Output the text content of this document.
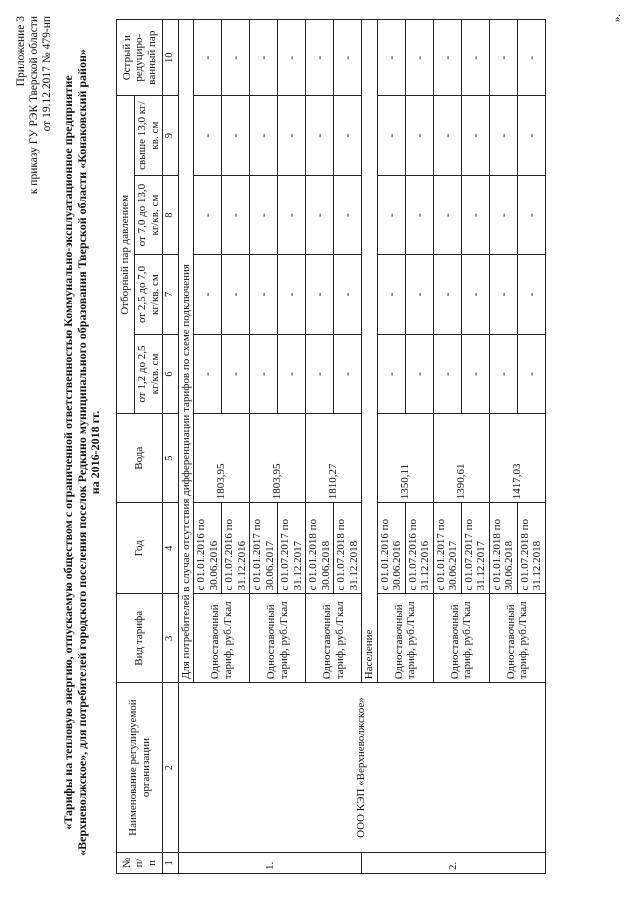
Приложение 3 к приказу ГУ РЭК Тверской области от 19.12.2017 № 479-нп
«Тарифы на тепловую энергию, отпускаемую обществом с ограниченной ответственностью Коммунально-эксплуатационное предприятие «Верхневолжское», для потребителей городского поселения поселок Редкино муниципального образования Тверской области «Конаковский район» на 2016-2018 гг.
№ п/ п	Наименование регулируемой организации	Вид тарифа	Год	Вода	Отборный пар давлением				Острый и редуциро-ванный пар
					от 1,2 до 2,5 кг/кв. см	от 2,5 до 7,0 кг/кв. см	от 7,0 до 13,0 кг/кв. см	свыше 13,0 кг/кв. см	
1	2	3	4	5	6	7	8	9	10
1.	ООО КЭП «Верхневолжское»	Для потребителей в случае отсутствия дифференциации тарифов по схеме подключения							
		Одноставочный тариф, руб./Гкал	с 01.01.2016 по 30.06.2016	1803,95	-	-	-	-	-
			с 01.07.2016 по 31.12.2016		-	-	-	-	-
		Одноставочный тариф, руб./Гкал	с 01.01.2017 по 30.06.2017	1803,95	-	-	-	-	-
			с 01.07.2017 по 31.12.2017		-	-	-	-	-
		Одноставочный тариф, руб./Гкал	с 01.01.2018 по 30.06.2018	1810,27	-	-	-	-	-
			с 01.07.2018 по 31.12.2018		-	-	-	-	-
2.		Население							
		Одноставочный тариф, руб./Гкал	с 01.01.2016 по 30.06.2016	1350,11	-	-	-	-	-
			с 01.07.2016 по 31.12.2016		-	-	-	-	-
		Одноставочный тариф, руб./Гкал	с 01.01.2017 по 30.06.2017	1390,61	-	-	-	-	-
			с 01.07.2017 по 31.12.2017		-	-	-	-	-
		Одноставочный тариф, руб./Гкал	с 01.01.2018 по 30.06.2018	1417,03	-	-	-	-	-
			с 01.07.2018 по 31.12.2018		-	-	-	-	-
».
